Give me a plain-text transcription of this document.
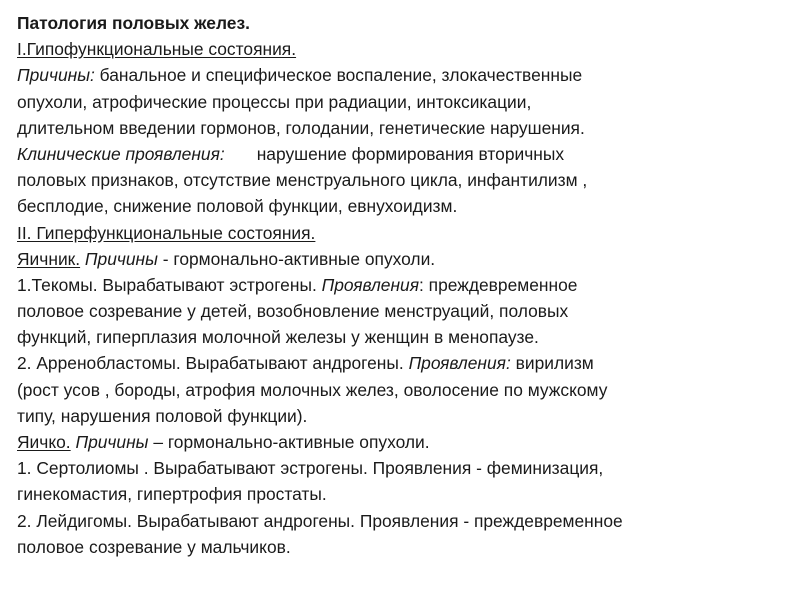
Патология половых желез.
I.Гипофункциональные состояния.
Причины: банальное и специфическое воспаление, злокачественные
опухоли, атрофические процессы при радиации, интоксикации,
длительном введении гормонов, голодании, генетические нарушения.
Клинические проявления: нарушение формирования вторичных
половых признаков, отсутствие менструального цикла, инфантилизм ,
бесплодие, снижение половой функции, евнухоидизм.
II. Гиперфункциональные состояния.
Яичник. Причины - гормонально-активные опухоли.
1.Текомы. Вырабатывают эстрогены. Проявления: преждевременное
половое созревание у детей, возобновление менструаций, половых
функций, гиперплазия молочной железы у женщин в менопаузе.
2. Арренобластомы. Вырабатывают андрогены. Проявления: вирилизм
(рост усов , бороды, атрофия молочных желез, оволосение по мужскому
типу, нарушения половой функции).
Яичко. Причины – гормонально-активные опухоли.
1. Сертолиомы . Вырабатывают эстрогены. Проявления - феминизация,
гинекомастия, гипертрофия простаты.
2. Лейдигомы. Вырабатывают андрогены. Проявления - преждевременное
половое созревание у мальчиков.
